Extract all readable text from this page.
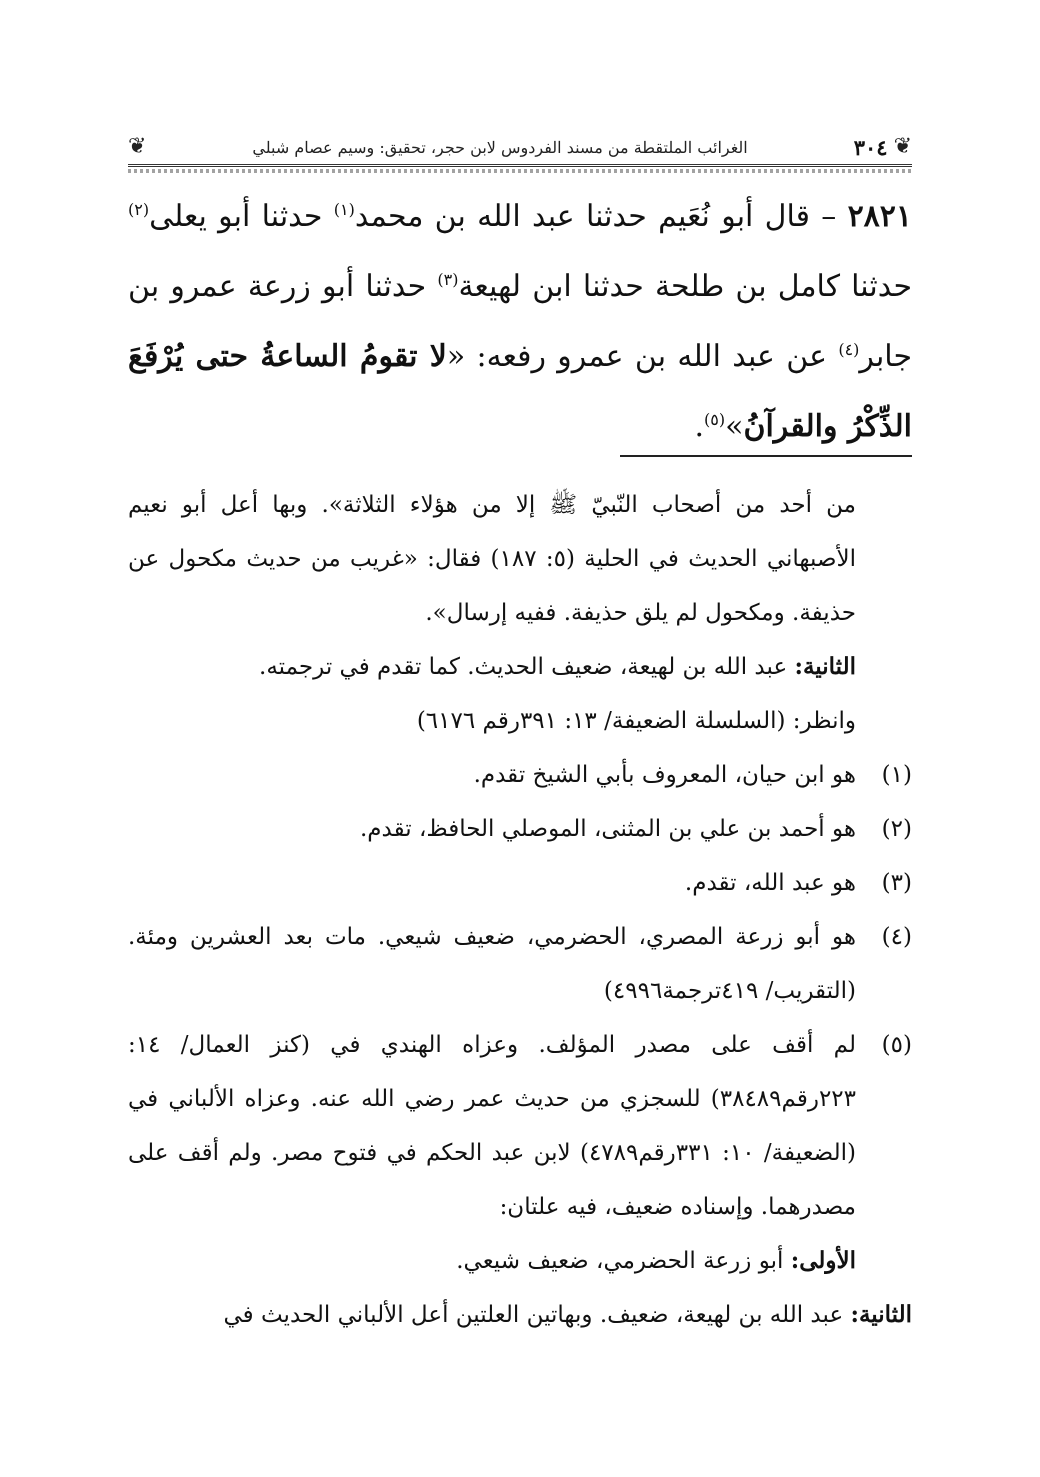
❦
٣٠٤
الغرائب الملتقطة من مسند الفردوس لابن حجر، تحقيق: وسيم عصام شبلي
❦
٢٨٢١ – قال أبو نُعَيم حدثنا عبد الله بن محمد$^{(١)}$ حدثنا أبو يعلى$^{(٢)}$ حدثنا كامل بن طلحة حدثنا ابن لهيعة$^{(٣)}$ حدثنا أبو زرعة عمرو بن جابر$^{(٤)}$ عن عبد الله بن عمرو رفعه: «لا تقومُ الساعةُ حتى يُرْفَعَ الذِّكْرُ والقرآنُ»$^{(٥)}$.

من أحد من أصحاب النّبيّ ﷺ إلا من هؤلاء الثلاثة». وبها أعل أبو نعيم الأصبهاني الحديث في الحلية (٥: ١٨٧) فقال: «غريب من حديث مكحول عن حذيفة. ومكحول لم يلق حذيفة. ففيه إرسال».

الثانية: عبد الله بن لهيعة، ضعيف الحديث. كما تقدم في ترجمته.

وانظر: (السلسلة الضعيفة/ ١٣: ٣٩١رقم ٦١٧٦)

(١)
هو ابن حيان، المعروف بأبي الشيخ تقدم.

(٢)
هو أحمد بن علي بن المثنى، الموصلي الحافظ، تقدم.

(٣)
هو عبد الله، تقدم.

(٤)
هو أبو زرعة المصري، الحضرمي، ضعيف شيعي. مات بعد العشرين ومئة. (التقريب/ ٤١٩ترجمة٤٩٩٦)

(٥)
لم أقف على مصدر المؤلف. وعزاه الهندي في (كنز العمال/ ١٤: ٢٢٣رقم٣٨٤٨٩) للسجزي من حديث عمر رضي الله عنه. وعزاه الألباني في (الضعيفة/ ١٠: ٣٣١رقم٤٧٨٩) لابن عبد الحكم في فتوح مصر. ولم أقف على مصدرهما. وإسناده ضعيف، فيه علتان:

الأولى: أبو زرعة الحضرمي، ضعيف شيعي.

الثانية: عبد الله بن لهيعة، ضعيف. وبهاتين العلتين أعل الألباني الحديث في
